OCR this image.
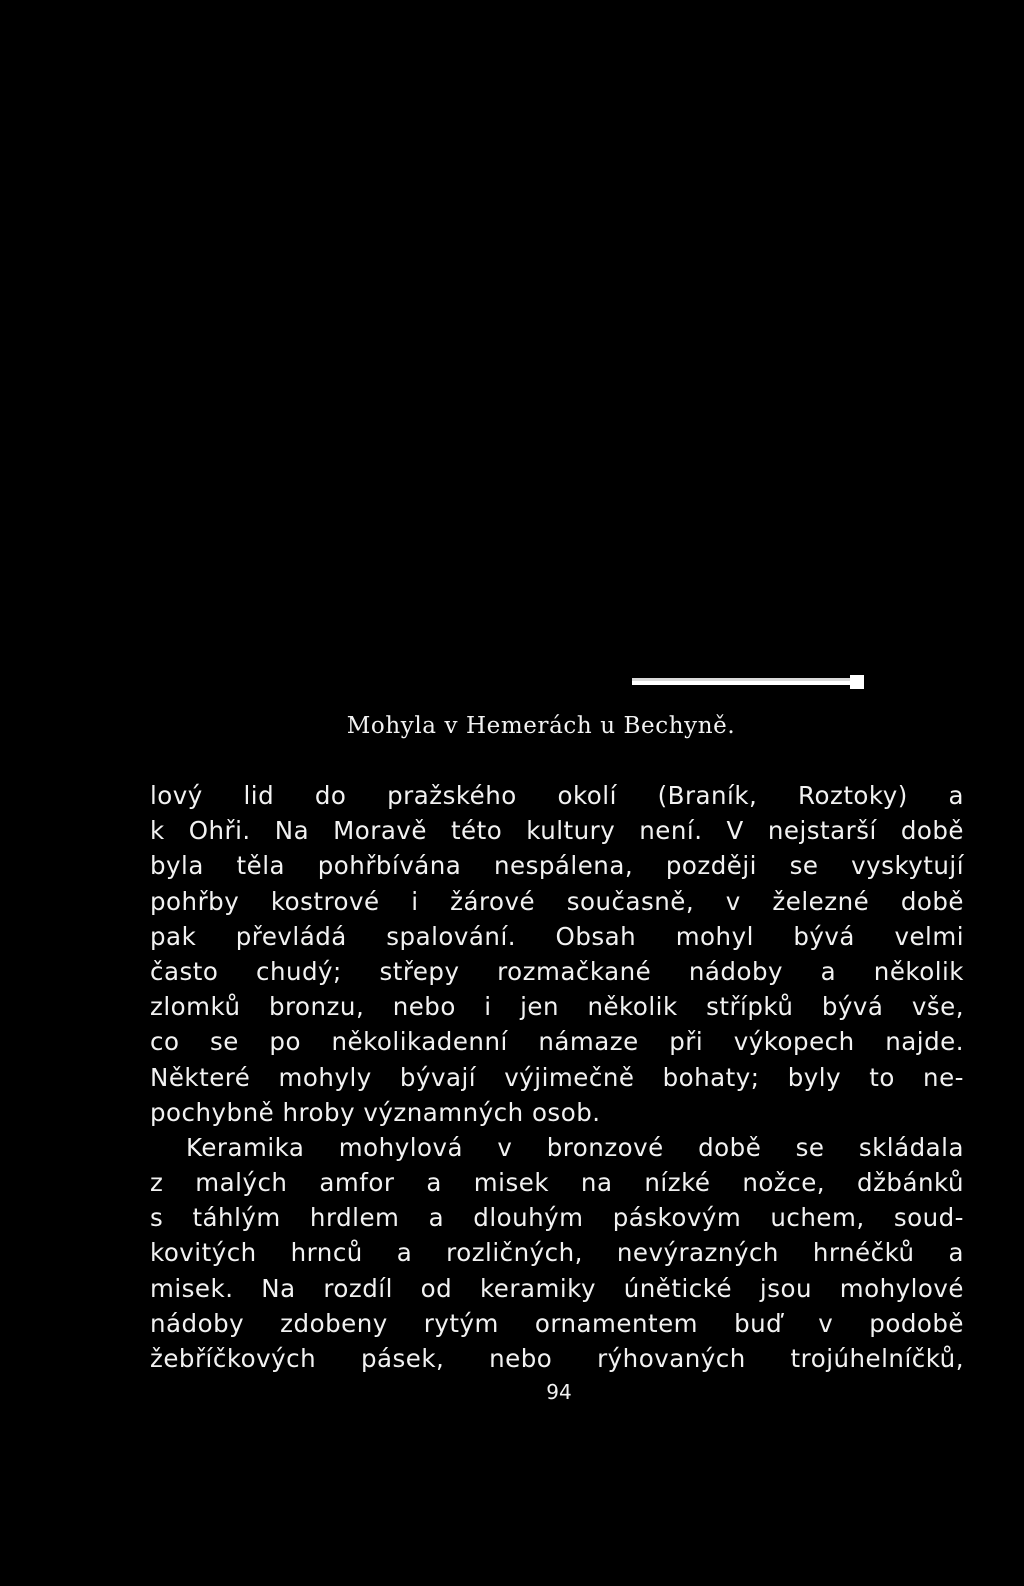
Mohyla v Hemerách u Bechyně.
lový lid do pražského okolí (Braník, Roztoky) a
k Ohři. Na Moravě této kultury není. V nejstarší době
byla těla pohřbívána nespálena, později se vyskytují
pohřby kostrové i žárové současně, v železné době
pak převládá spalování. Obsah mohyl bývá velmi
často chudý; střepy rozmačkané nádoby a několik
zlomků bronzu, nebo i jen několik střípků bývá vše,
co se po několikadenní námaze při výkopech najde.
Některé mohyly bývají výjimečně bohaty; byly to ne-
pochybně hroby významných osob.
Keramika mohylová v bronzové době se skládala
z malých amfor a misek na nízké nožce, džbánků
s táhlým hrdlem a dlouhým páskovým uchem, soud-
kovitých hrnců a rozličných, nevýrazných hrnéčků a
misek. Na rozdíl od keramiky únětické jsou mohylové
nádoby zdobeny rytým ornamentem buď v podobě
žebříčkových pásek, nebo rýhovaných trojúhelníčků,
94
